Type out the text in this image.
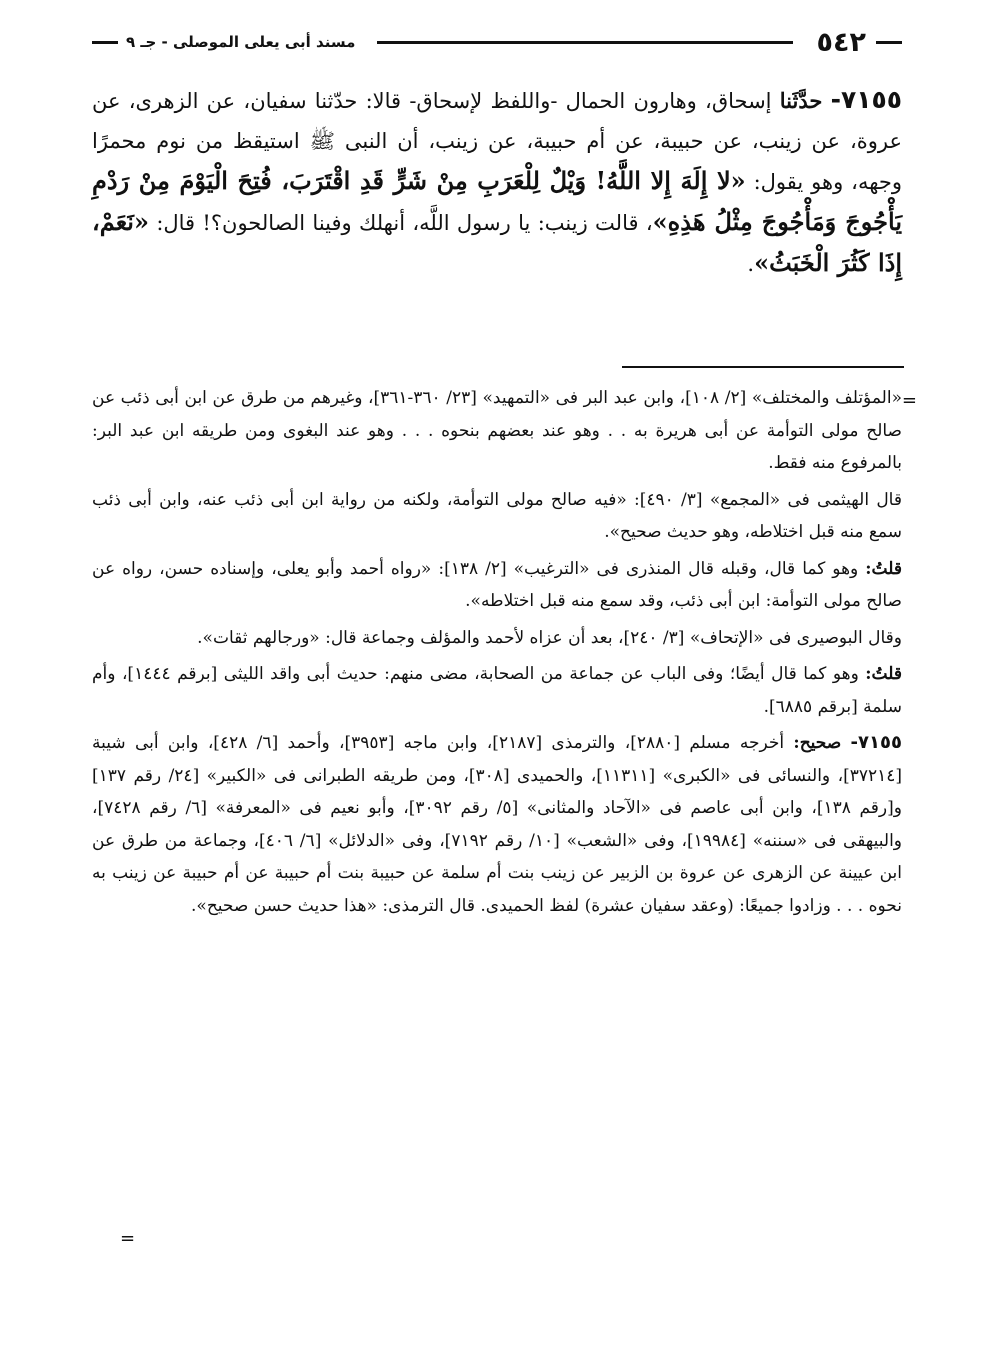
٥٤٢
مسند أبى يعلى الموصلى - جـ ٩
٧١٥٥- حدَّثَنا إسحاق، وهارون الحمال -واللفظ لإسحاق- قالا: حدّثنا سفيان، عن الزهرى، عن عروة، عن زينب، عن حبيبة، عن أم حبيبة، عن زينب، أن النبى ﷺ استيقظ من نوم محمرًا وجهه، وهو يقول: «لا إِلَهَ إِلا اللَّهُ! وَيْلٌ لِلْعَرَبِ مِنْ شَرٍّ قَدِ اقْتَرَبَ، فُتِحَ الْيَوْمَ مِنْ رَدْمِ يَأْجُوجَ وَمَأْجُوجَ مِثْلُ هَذِهِ»، قالت زينب: يا رسول اللَّه، أنهلك وفينا الصالحون؟! قال: «نَعَمْ، إِذَا كَثُرَ الْخَبَثُ».
=

«المؤتلف والمختلف» [٢/ ١٠٨]، وابن عبد البر فى «التمهيد» [٢٣/ ٣٦٠-٣٦١]، وغيرهم من طرق عن ابن أبى ذئب عن صالح مولى التوأمة عن أبى هريرة به . . وهو عند بعضهم بنحوه . . . وهو عند البغوى ومن طريقه ابن عبد البر: بالمرفوع منه فقط.

قال الهيثمى فى «المجمع» [٣/ ٤٩٠]: «فيه صالح مولى التوأمة، ولكنه من رواية ابن أبى ذئب عنه، وابن أبى ذئب سمع منه قبل اختلاطه، وهو حديث صحيح».

قلتُ: وهو كما قال، وقبله قال المنذرى فى «الترغيب» [٢/ ١٣٨]: «رواه أحمد وأبو يعلى، وإسناده حسن، رواه عن صالح مولى التوأمة: ابن أبى ذئب، وقد سمع منه قبل اختلاطه».

وقال البوصيرى فى «الإتحاف» [٣/ ٢٤٠]، بعد أن عزاه لأحمد والمؤلف وجماعة قال: «ورجالهم ثقات».

قلتُ: وهو كما قال أيضًا؛ وفى الباب عن جماعة من الصحابة، مضى منهم: حديث أبى واقد الليثى [برقم ١٤٤٤]، وأم سلمة [برقم ٦٨٨٥].

٧١٥٥- صحيح: أخرجه مسلم [٢٨٨٠]، والترمذى [٢١٨٧]، وابن ماجه [٣٩٥٣]، وأحمد [٦/ ٤٢٨]، وابن أبى شيبة [٣٧٢١٤]، والنسائى فى «الكبرى» [١١٣١١]، والحميدى [٣٠٨]، ومن طريقه الطبرانى فى «الكبير» [٢٤/ رقم ١٣٧] و[رقم ١٣٨]، وابن أبى عاصم فى «الآحاد والمثانى» [٥/ رقم ٣٠٩٢]، وأبو نعيم فى «المعرفة» [٦/ رقم ٧٤٢٨]، والبيهقى فى «سننه» [١٩٩٨٤]، وفى «الشعب» [١٠/ رقم ٧١٩٢]، وفى «الدلائل» [٦/ ٤٠٦]، وجماعة من طرق عن ابن عيينة عن الزهرى عن عروة بن الزبير عن زينب بنت أم سلمة عن حبيبة بنت أم حبيبة عن أم حبيبة عن زينب به نحوه . . . وزادوا جميعًا: (وعقد سفيان عشرة) لفظ الحميدى. قال الترمذى: «هذا حديث حسن صحيح».

=
